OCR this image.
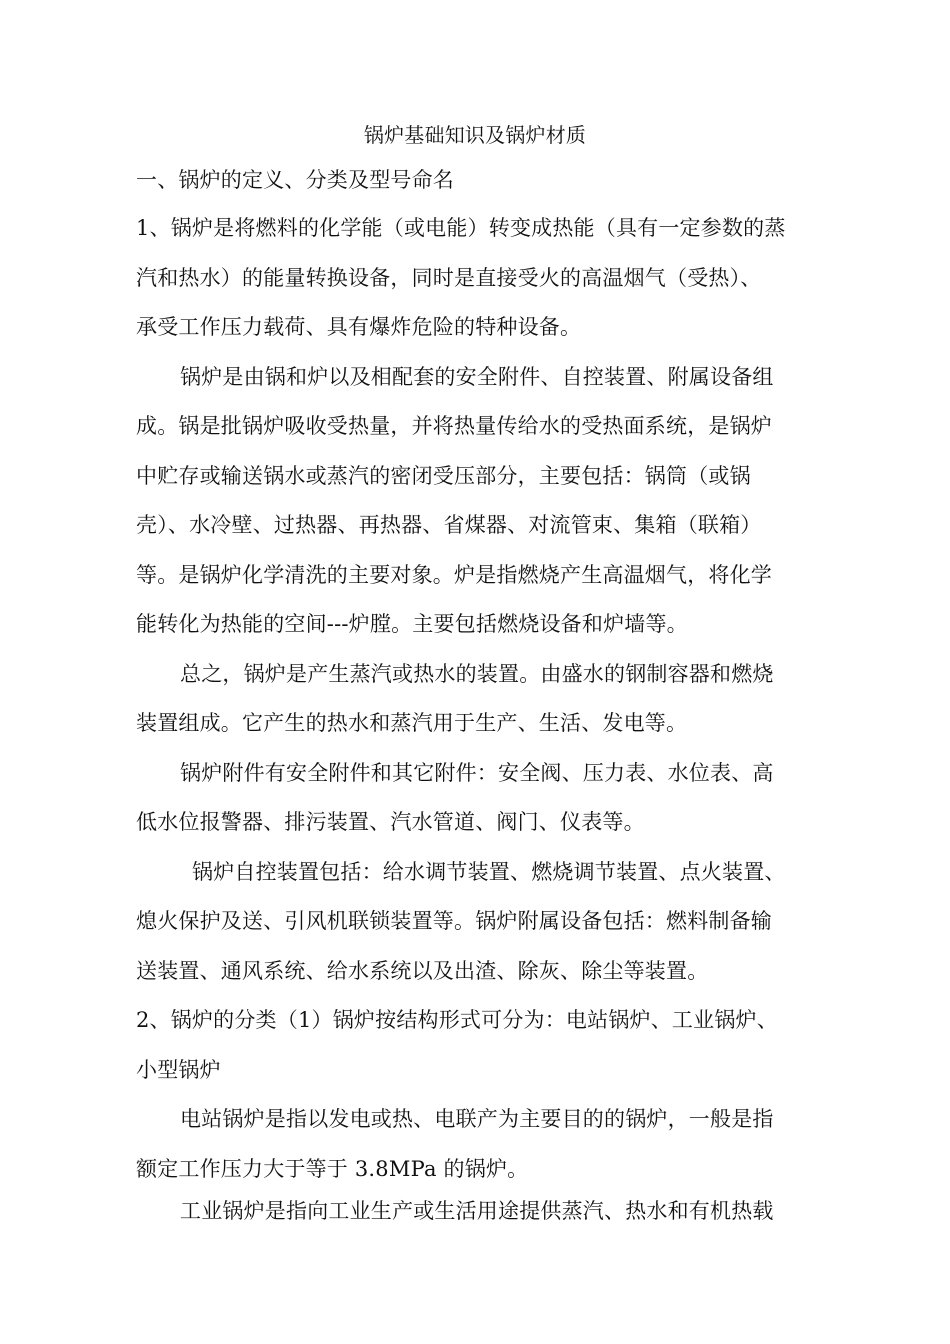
锅炉基础知识及锅炉材质
一、锅炉的定义、分类及型号命名
1、锅炉是将燃料的化学能（或电能）转变成热能（具有一定参数的蒸
汽和热水）的能量转换设备，同时是直接受火的高温烟气（受热）、
承受工作压力载荷、具有爆炸危险的特种设备。
锅炉是由锅和炉以及相配套的安全附件、自控装置、附属设备组
成。锅是批锅炉吸收受热量，并将热量传给水的受热面系统，是锅炉
中贮存或输送锅水或蒸汽的密闭受压部分，主要包括：锅筒（或锅
壳）、水冷壁、过热器、再热器、省煤器、对流管束、集箱（联箱）
等。是锅炉化学清洗的主要对象。炉是指燃烧产生高温烟气，将化学
能转化为热能的空间---炉膛。主要包括燃烧设备和炉墙等。
总之，锅炉是产生蒸汽或热水的装置。由盛水的钢制容器和燃烧
装置组成。它产生的热水和蒸汽用于生产、生活、发电等。
锅炉附件有安全附件和其它附件：安全阀、压力表、水位表、高
低水位报警器、排污装置、汽水管道、阀门、仪表等。
锅炉自控装置包括：给水调节装置、燃烧调节装置、点火装置、
熄火保护及送、引风机联锁装置等。锅炉附属设备包括：燃料制备输
送装置、通风系统、给水系统以及出渣、除灰、除尘等装置。
2、锅炉的分类（1）锅炉按结构形式可分为：电站锅炉、工业锅炉、
小型锅炉
电站锅炉是指以发电或热、电联产为主要目的的锅炉，一般是指
额定工作压力大于等于 3.8MPa 的锅炉。
工业锅炉是指向工业生产或生活用途提供蒸汽、热水和有机热载
